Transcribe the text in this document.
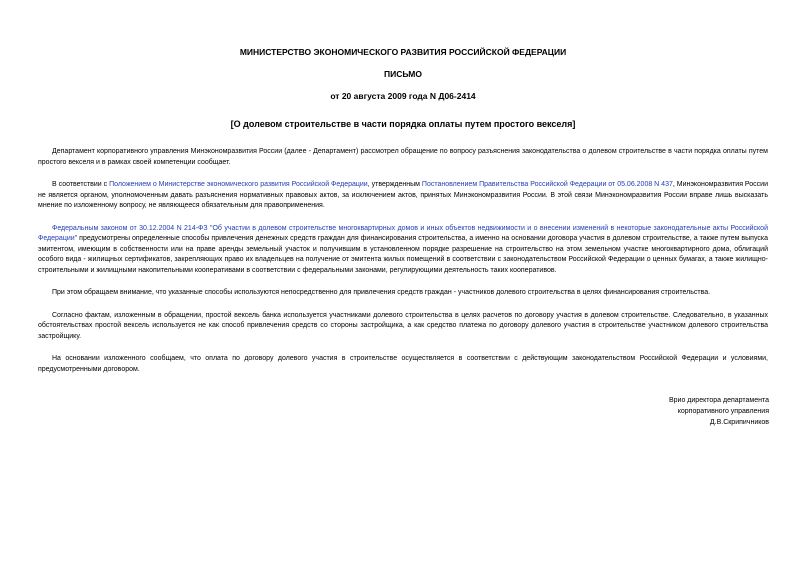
МИНИСТЕРСТВО ЭКОНОМИЧЕСКОГО РАЗВИТИЯ РОССИЙСКОЙ ФЕДЕРАЦИИ
ПИСЬМО
от 20 августа 2009 года N Д06-2414
[О долевом строительстве в части порядка оплаты путем простого векселя]

Департамент корпоративного управления Минэкономразвития России (далее - Департамент) рассмотрел обращение по вопросу разъяснения законодательства о долевом строительстве в части порядка оплаты путем простого векселя и в рамках своей компетенции сообщает.

В соответствии с Положением о Министерстве экономического развития Российской Федерации, утвержденным Постановлением Правительства Российской Федерации от 05.06.2008 N 437, Минэкономразвития России не является органом, уполномоченным давать разъяснения нормативных правовых актов, за исключением актов, принятых Минэкономразвития России. В этой связи Минэкономразвития России вправе лишь высказать мнение по изложенному вопросу, не являющееся обязательным для правоприменения.

Федеральным законом от 30.12.2004 N 214-ФЗ "Об участии в долевом строительстве многоквартирных домов и иных объектов недвижимости и о внесении изменений в некоторые законодательные акты Российской Федерации" предусмотрены определенные способы привлечения денежных средств граждан для финансирования строительства, а именно на основании договора участия в долевом строительстве, а также путем выпуска эмитентом, имеющим в собственности или на праве аренды земельный участок и получившим в установленном порядке разрешение на строительство на этом земельном участке многоквартирного дома, облигаций особого вида - жилищных сертификатов, закрепляющих право их владельцев на получение от эмитента жилых помещений в соответствии с законодательством Российской Федерации о ценных бумагах, а также жилищно-строительными и жилищными накопительными кооперативами в соответствии с федеральными законами, регулирующими деятельность таких кооперативов.

При этом обращаем внимание, что указанные способы используются непосредственно для привлечения средств граждан - участников долевого строительства в целях финансирования строительства.

Согласно фактам, изложенным в обращении, простой вексель банка используется участниками долевого строительства в целях расчетов по договору участия в долевом строительстве. Следовательно, в указанных обстоятельствах простой вексель используется не как способ привлечения средств со стороны застройщика, а как средство платежа по договору долевого участия в строительстве участником долевого строительства застройщику.

На основании изложенного сообщаем, что оплата по договору долевого участия в строительстве осуществляется в соответствии с действующим законодательством Российской Федерации и условиями, предусмотренными договором.

Врио директора департамента
корпоративного управления
Д.В.Скрипичников
